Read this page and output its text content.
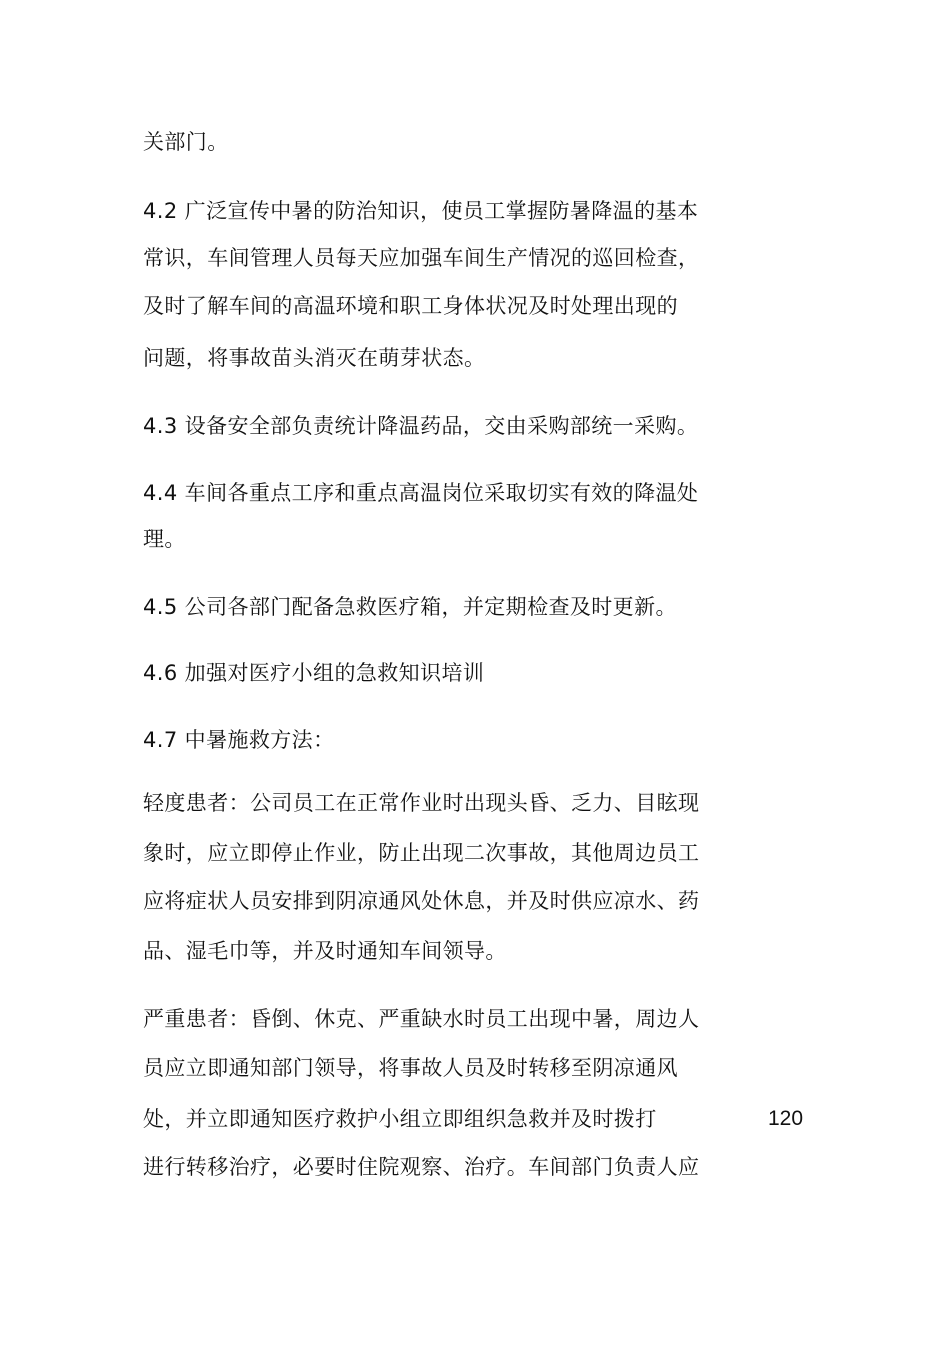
关部门。
4.2 广泛宣传中暑的防治知识，使员工掌握防暑降温的基本
常识，车间管理人员每天应加强车间生产情况的巡回检查，
及时了解车间的高温环境和职工身体状况及时处理出现的
问题，将事故苗头消灭在萌芽状态。
4.3 设备安全部负责统计降温药品，交由采购部统一采购。
4.4 车间各重点工序和重点高温岗位采取切实有效的降温处
理。
4.5 公司各部门配备急救医疗箱，并定期检查及时更新。
4.6 加强对医疗小组的急救知识培训
4.7 中暑施救方法：
轻度患者：公司员工在正常作业时出现头昏、乏力、目眩现
象时，应立即停止作业，防止出现二次事故，其他周边员工
应将症状人员安排到阴凉通风处休息，并及时供应凉水、药
品、湿毛巾等，并及时通知车间领导。
严重患者：昏倒、休克、严重缺水时员工出现中暑，周边人
员应立即通知部门领导，将事故人员及时转移至阴凉通风
处，并立即通知医疗救护小组立即组织急救并及时拨打
进行转移治疗，必要时住院观察、治疗。车间部门负责人应
120
